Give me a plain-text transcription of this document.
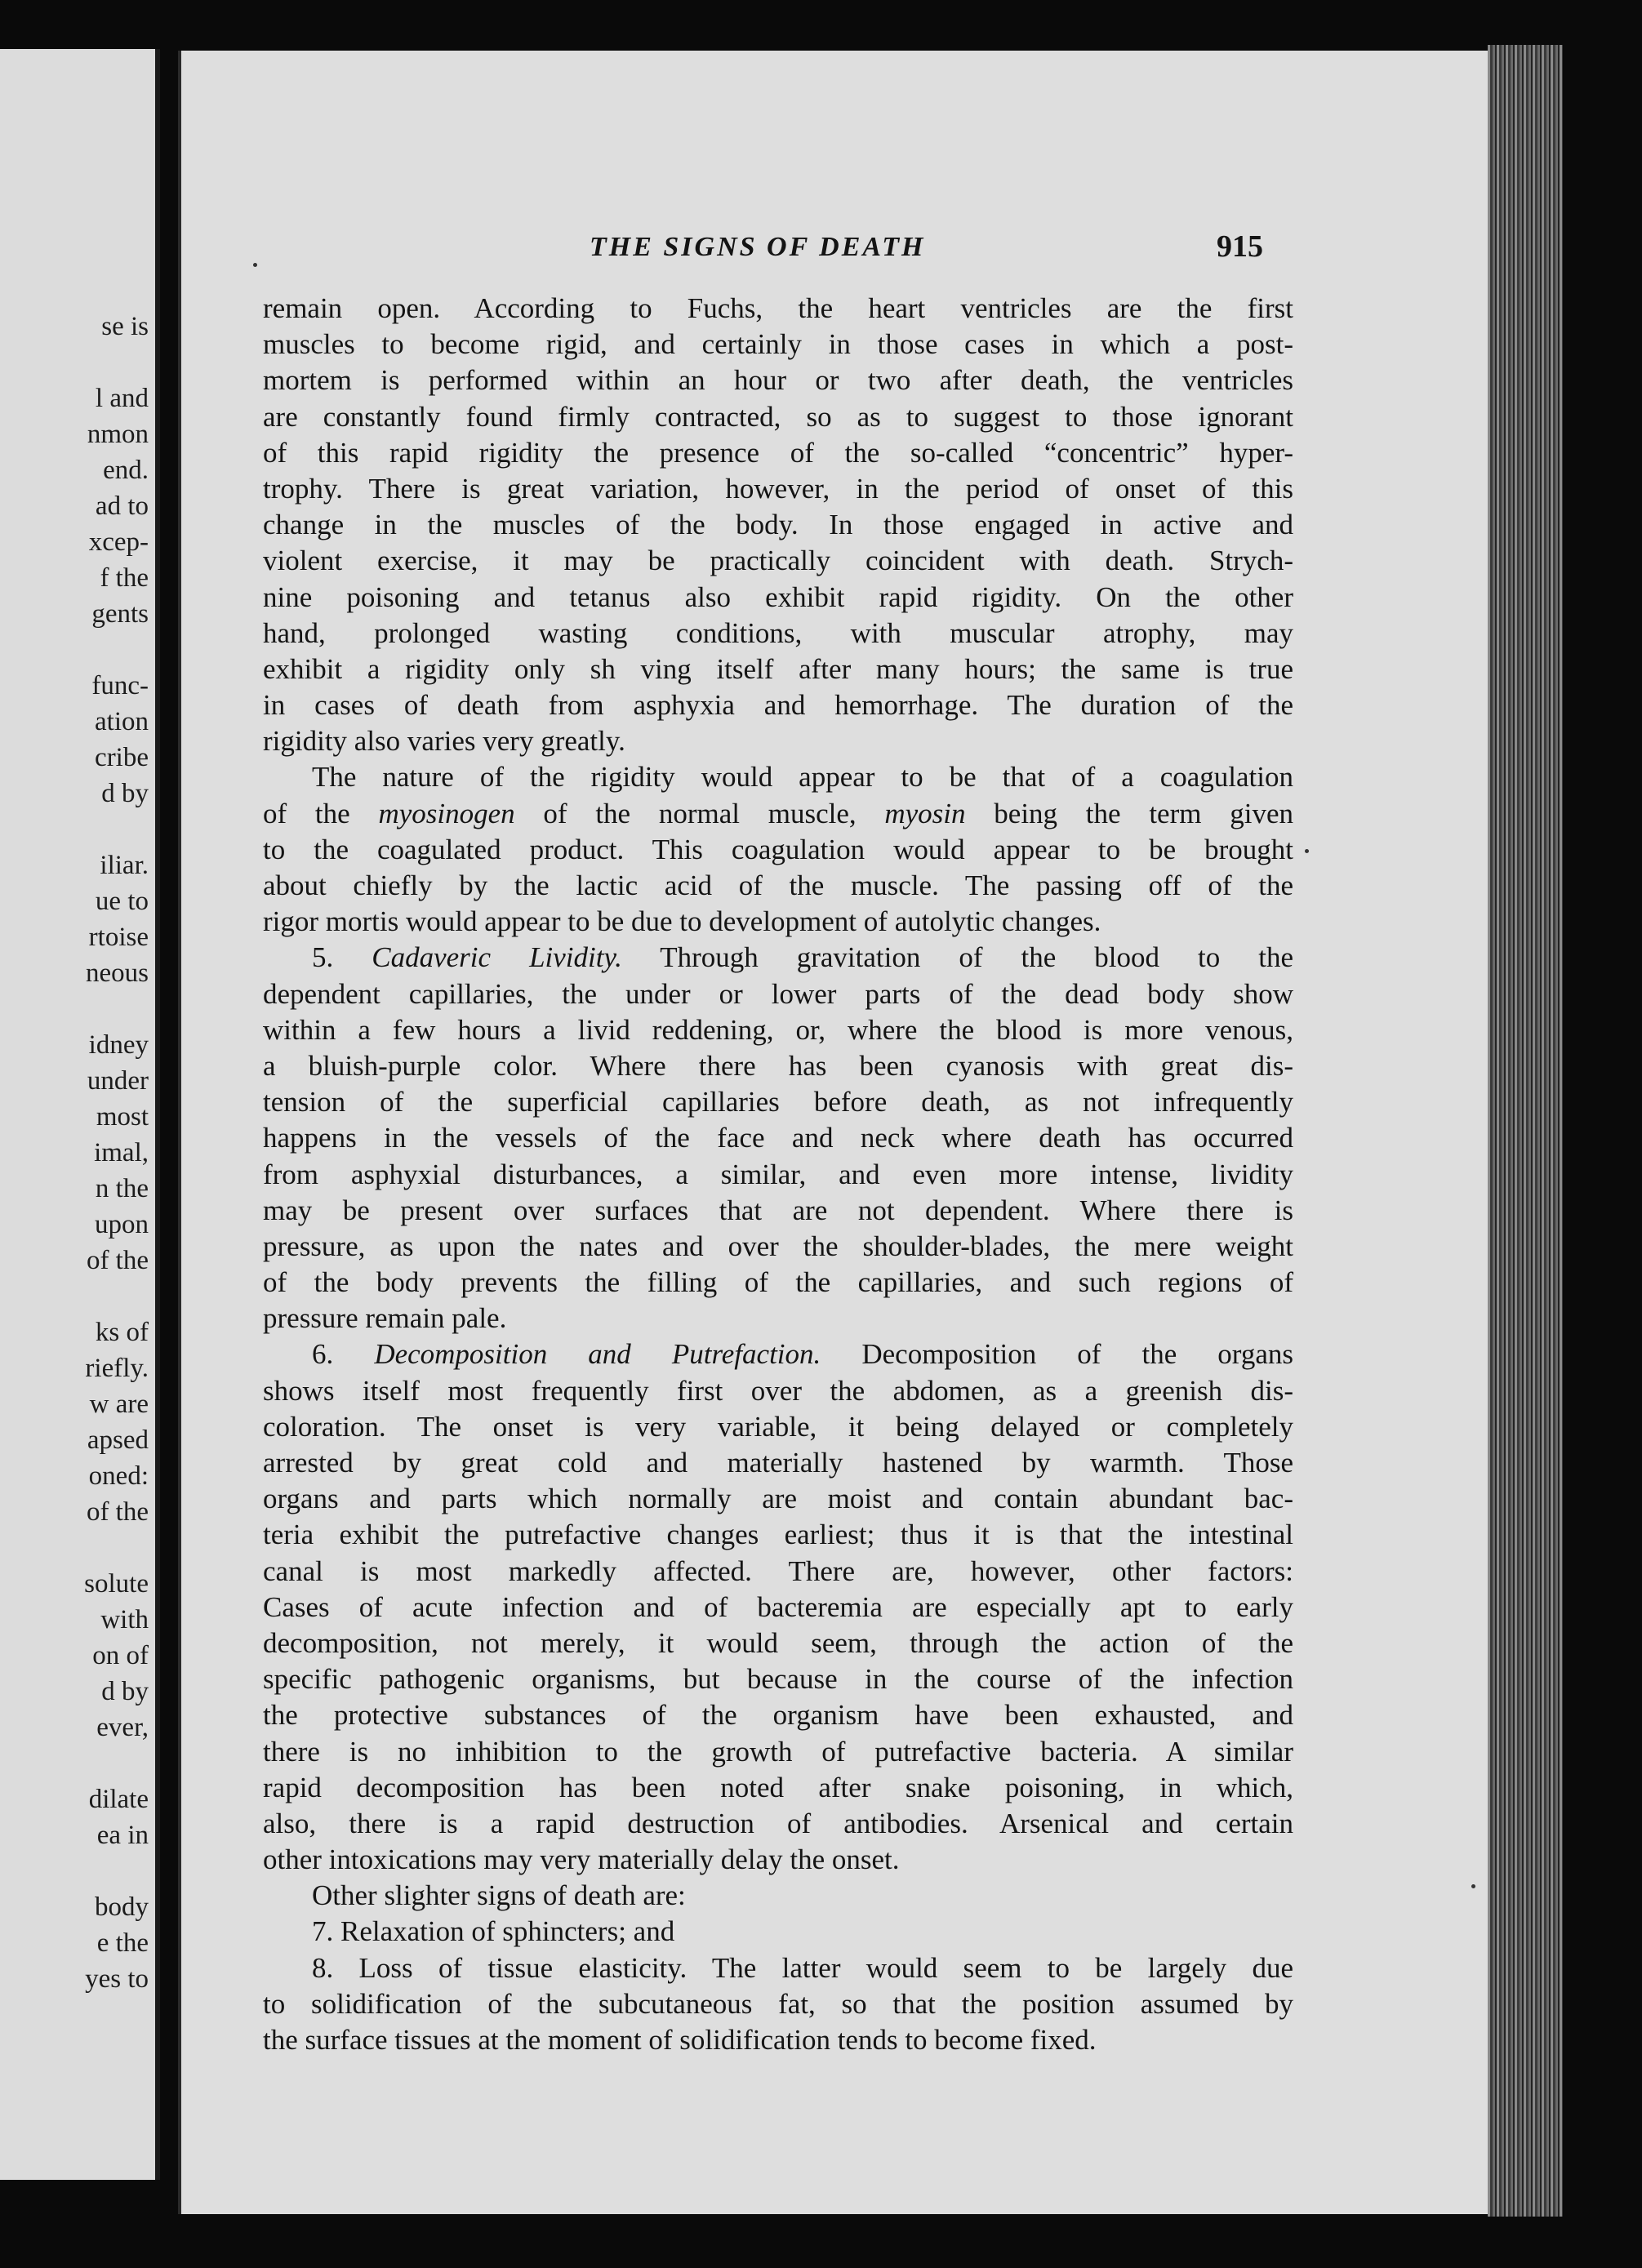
se is
l and
nmon
end.
ad to
xcep-
f the
gents
func-
ation
cribe
d by
iliar.
ue to
rtoise
neous
idney
under
most
imal,
n the
upon
of the
ks of
riefly.
w are
apsed
oned:
of the
solute
with
on of
d by
ever,
dilate
ea in
body
e the
yes to
THE SIGNS OF DEATH	915
remain open. According to Fuchs, the heart ventricles are the first
muscles to become rigid, and certainly in those cases in which a post-
mortem is performed within an hour or two after death, the ventricles
are constantly found firmly contracted, so as to suggest to those ignorant
of this rapid rigidity the presence of the so-called “concentric” hyper-
trophy. There is great variation, however, in the period of onset of this
change in the muscles of the body. In those engaged in active and
violent exercise, it may be practically coincident with death. Strych-
nine poisoning and tetanus also exhibit rapid rigidity. On the other
hand, prolonged wasting conditions, with muscular atrophy, may
exhibit a rigidity only sh ving itself after many hours; the same is true
in cases of death from asphyxia and hemorrhage. The duration of the
rigidity also varies very greatly.
The nature of the rigidity would appear to be that of a coagulation
of the myosinogen of the normal muscle, myosin being the term given
to the coagulated product. This coagulation would appear to be brought
about chiefly by the lactic acid of the muscle. The passing off of the
rigor mortis would appear to be due to development of autolytic changes.
5. Cadaveric Lividity. Through gravitation of the blood to the
dependent capillaries, the under or lower parts of the dead body show
within a few hours a livid reddening, or, where the blood is more venous,
a bluish-purple color. Where there has been cyanosis with great dis-
tension of the superficial capillaries before death, as not infrequently
happens in the vessels of the face and neck where death has occurred
from asphyxial disturbances, a similar, and even more intense, lividity
may be present over surfaces that are not dependent. Where there is
pressure, as upon the nates and over the shoulder-blades, the mere weight
of the body prevents the filling of the capillaries, and such regions of
pressure remain pale.
6. Decomposition and Putrefaction. Decomposition of the organs
shows itself most frequently first over the abdomen, as a greenish dis-
coloration. The onset is very variable, it being delayed or completely
arrested by great cold and materially hastened by warmth. Those
organs and parts which normally are moist and contain abundant bac-
teria exhibit the putrefactive changes earliest; thus it is that the intestinal
canal is most markedly affected. There are, however, other factors:
Cases of acute infection and of bacteremia are especially apt to early
decomposition, not merely, it would seem, through the action of the
specific pathogenic organisms, but because in the course of the infection
the protective substances of the organism have been exhausted, and
there is no inhibition to the growth of putrefactive bacteria. A similar
rapid decomposition has been noted after snake poisoning, in which,
also, there is a rapid destruction of antibodies. Arsenical and certain
other intoxications may very materially delay the onset.
Other slighter signs of death are:
7. Relaxation of sphincters; and
8. Loss of tissue elasticity. The latter would seem to be largely due
to solidification of the subcutaneous fat, so that the position assumed by
the surface tissues at the moment of solidification tends to become fixed.
